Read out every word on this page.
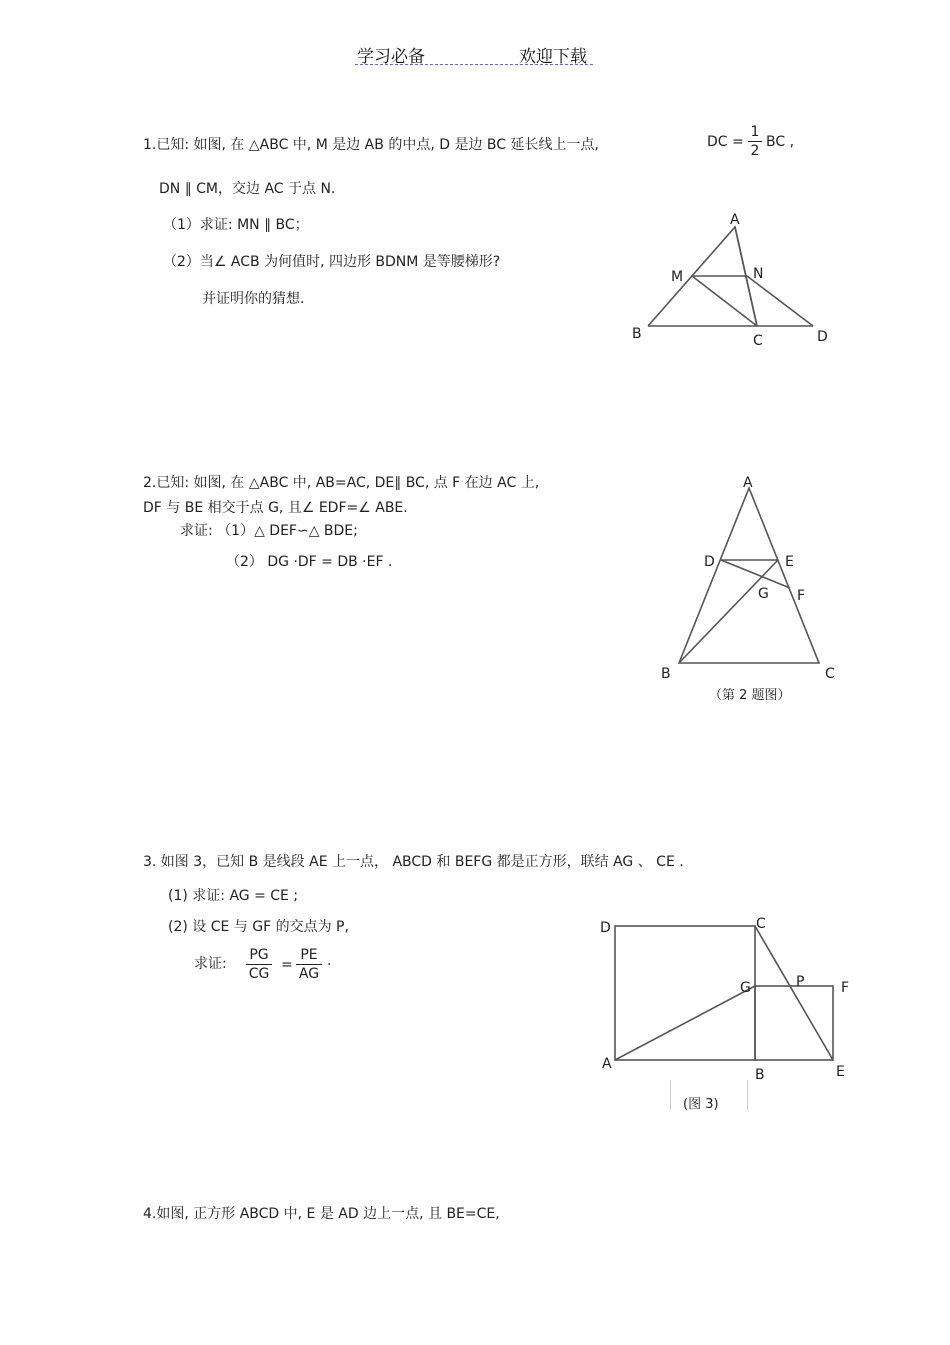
学习必备	欢迎下载
1.已知: 如图, 在 △ABC 中, M 是边 AB 的中点, D 是边 BC 延长线上一点,	DC =
1
2
BC ,
DN ∥ CM，交边 AC 于点 N.
（1）求证: MN ∥ BC；
（2）当∠ ACB 为何值时, 四边形 BDNM 是等腰梯形?
并证明你的猜想.
A
M	N
B	C	D
A
D	E
G F
B	C
D	C
G	P	F
A
B	E
2.已知: 如图, 在 △ABC 中, AB=AC, DE∥ BC, 点 F 在边 AC 上,
DF 与 BE 相交于点 G, 且∠ EDF=∠ ABE.
求证: （1）△ DEF∽△ BDE;
（2） DG ·DF = DB ·EF .
（第 2 题图）
3. 如图 3，已知 B 是线段 AE 上一点， ABCD 和 BEFG 都是正方形，联结 AG 、 CE .
(1) 求证: AG = CE ;
(2) 设 CE 与 GF 的交点为 P,
求证:
PG
CG
=
PE
AG
.
(图 3)
4.如图, 正方形 ABCD 中, E 是 AD 边上一点, 且 BE=CE,
